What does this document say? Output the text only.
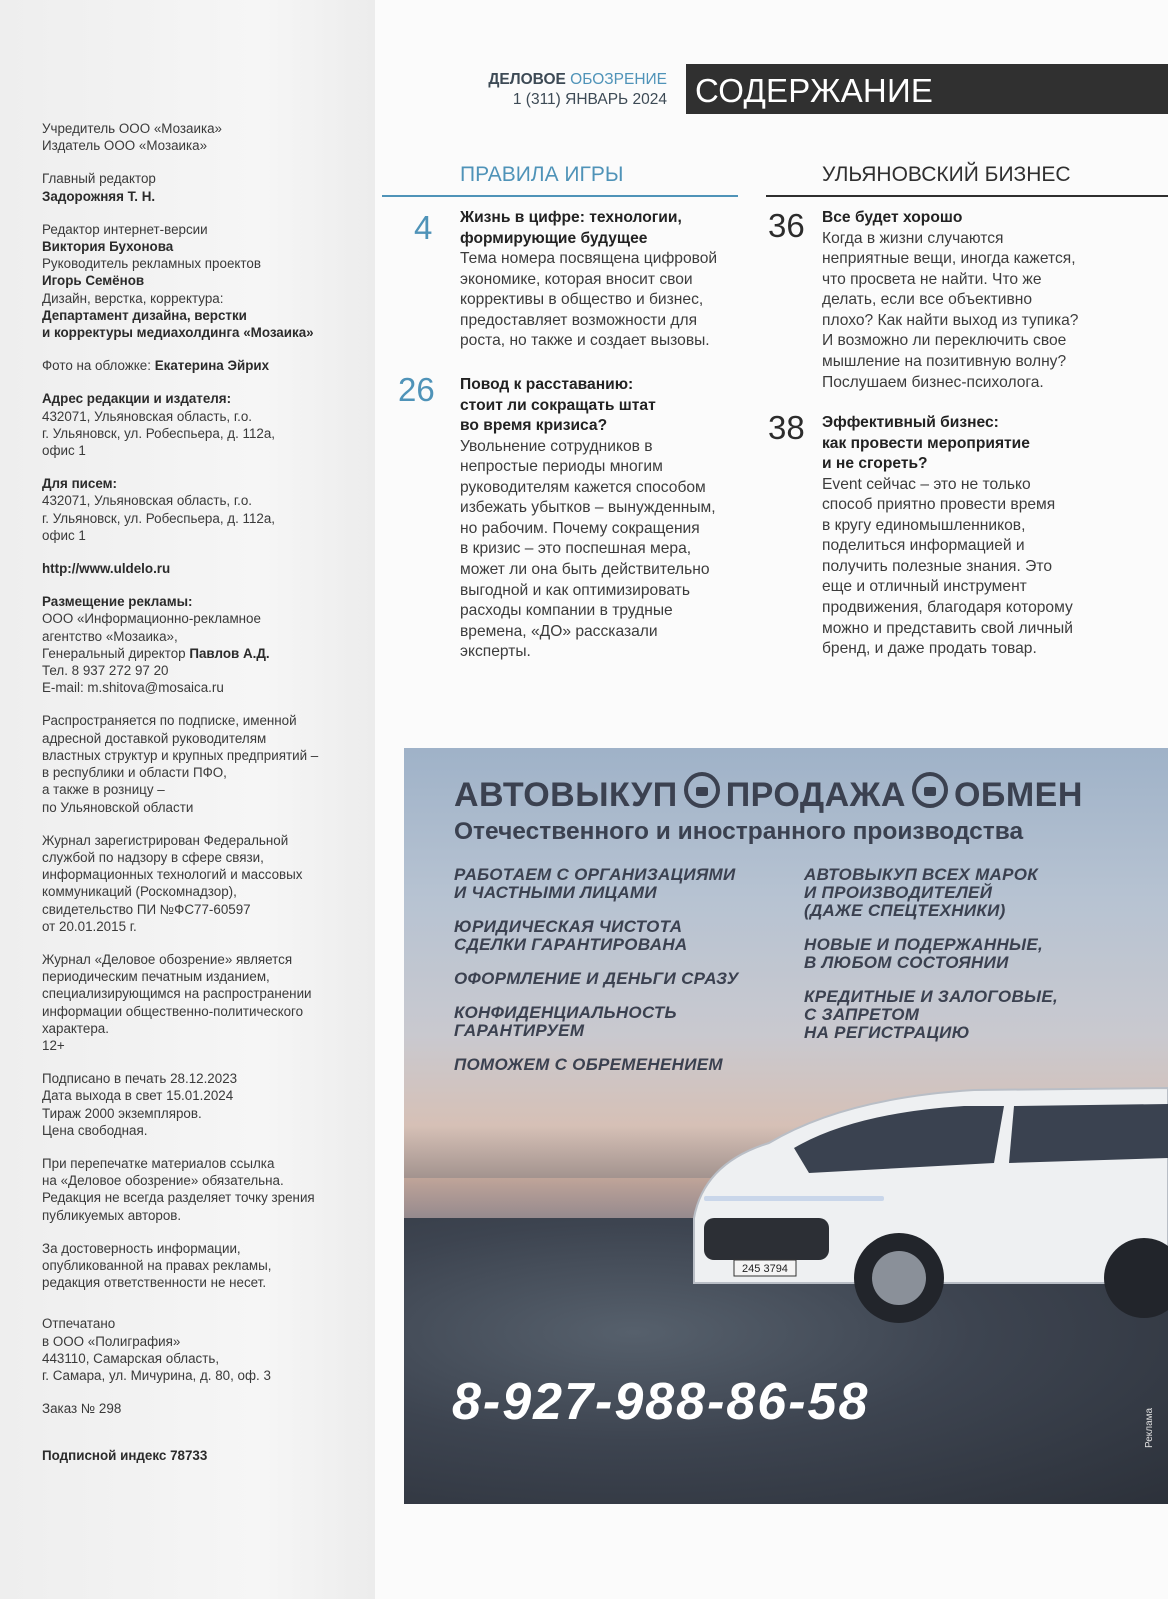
Учредитель ООО «Мозаика»
Издатель ООО «Мозаика»
Главный редактор
Задорожняя Т. Н.
Редактор интернет-версии
Виктория Бухонова
Руководитель рекламных проектов
Игорь Семёнов
Дизайн, верстка, корректура:
Департамент дизайна, верстки
и корректуры медиахолдинга «Мозаика»
Фото на обложке: Екатерина Эйрих
Адрес редакции и издателя:
432071, Ульяновская область, г.о.
г. Ульяновск, ул. Робеспьера, д. 112а,
офис 1
Для писем:
432071, Ульяновская область, г.о.
г. Ульяновск, ул. Робеспьера, д. 112а,
офис 1
http://www.uldelo.ru
Размещение рекламы:
ООО «Информационно-рекламное
агентство «Мозаика»,
Генеральный директор Павлов А.Д.
Тел. 8 937 272 97 20
E-mail: m.shitova@mosaica.ru
Распространяется по подписке, именной
адресной доставкой руководителям
властных структур и крупных предприятий –
в республики и области ПФО,
а также в розницу –
по Ульяновской области
Журнал зарегистрирован Федеральной
службой по надзору в сфере связи,
информационных технологий и массовых
коммуникаций (Роскомнадзор),
свидетельство ПИ №ФС77-60597
от 20.01.2015 г.
Журнал «Деловое обозрение» является
периодическим печатным изданием,
специализирующимся на распространении
информации общественно-политического
характера.
12+
Подписано в печать 28.12.2023
Дата выхода в свет 15.01.2024
Тираж 2000 экземпляров.
Цена свободная.
При перепечатке материалов ссылка
на «Деловое обозрение» обязательна.
Редакция не всегда разделяет точку зрения
публикуемых авторов.
За достоверность информации,
опубликованной на правах рекламы,
редакция ответственности не несет.
Отпечатано
в ООО «Полиграфия»
443110, Самарская область,
г. Самара, ул. Мичурина, д. 80, оф. 3
Заказ № 298
Подписной индекс 78733
ДЕЛОВОЕ ОБОЗРЕНИЕ
1 (311) ЯНВАРЬ 2024 СОДЕРЖАНИЕ
ПРАВИЛА ИГРЫ	УЛЬЯНОВСКИЙ БИЗНЕС
4 Жизнь в цифре: технологии,
формирующие будущее
Тема номера посвящена цифровой
экономике, которая вносит свои
коррективы в общество и бизнес,
предоставляет возможности для
роста, но также и создает вызовы.
26 Повод к расставанию:
стоит ли сокращать штат
во время кризиса?
Увольнение сотрудников в
непростые периоды многим
руководителям кажется способом
избежать убытков – вынужденным,
но рабочим. Почему сокращения
в кризис – это поспешная мера,
может ли она быть действительно
выгодной и как оптимизировать
расходы компании в трудные
времена, «ДО» рассказали
эксперты.
36 Все будет хорошо
Когда в жизни случаются
неприятные вещи, иногда кажется,
что просвета не найти. Что же
делать, если все объективно
плохо? Как найти выход из тупика?
И возможно ли переключить свое
мышление на позитивную волну?
Послушаем бизнес-психолога.
38 Эффективный бизнес:
как провести мероприятие
и не сгореть?
Event сейчас – это не только
способ приятно провести время
в кругу единомышленников,
поделиться информацией и
получить полезные знания. Это
еще и отличный инструмент
продвижения, благодаря которому
можно и представить свой личный
бренд, и даже продать товар.
АВТОВЫКУП ПРОДАЖА ОБМЕН
Отечественного и иностранного производства
РАБОТАЕМ С ОРГАНИЗАЦИЯМИ
И ЧАСТНЫМИ ЛИЦАМИ
ЮРИДИЧЕСКАЯ ЧИСТОТА
СДЕЛКИ ГАРАНТИРОВАНА
ОФОРМЛЕНИЕ И ДЕНЬГИ СРАЗУ
КОНФИДЕНЦИАЛЬНОСТЬ
ГАРАНТИРУЕМ
ПОМОЖЕМ С ОБРЕМЕНЕНИЕМ
АВТОВЫКУП ВСЕХ МАРОК
И ПРОИЗВОДИТЕЛЕЙ
(ДАЖЕ СПЕЦТЕХНИКИ)
НОВЫЕ И ПОДЕРЖАННЫЕ,
В ЛЮБОМ СОСТОЯНИИ
КРЕДИТНЫЕ И ЗАЛОГОВЫЕ,
С ЗАПРЕТОМ
НА РЕГИСТРАЦИЮ
245 3794
8-927-988-86-58	Реклама
